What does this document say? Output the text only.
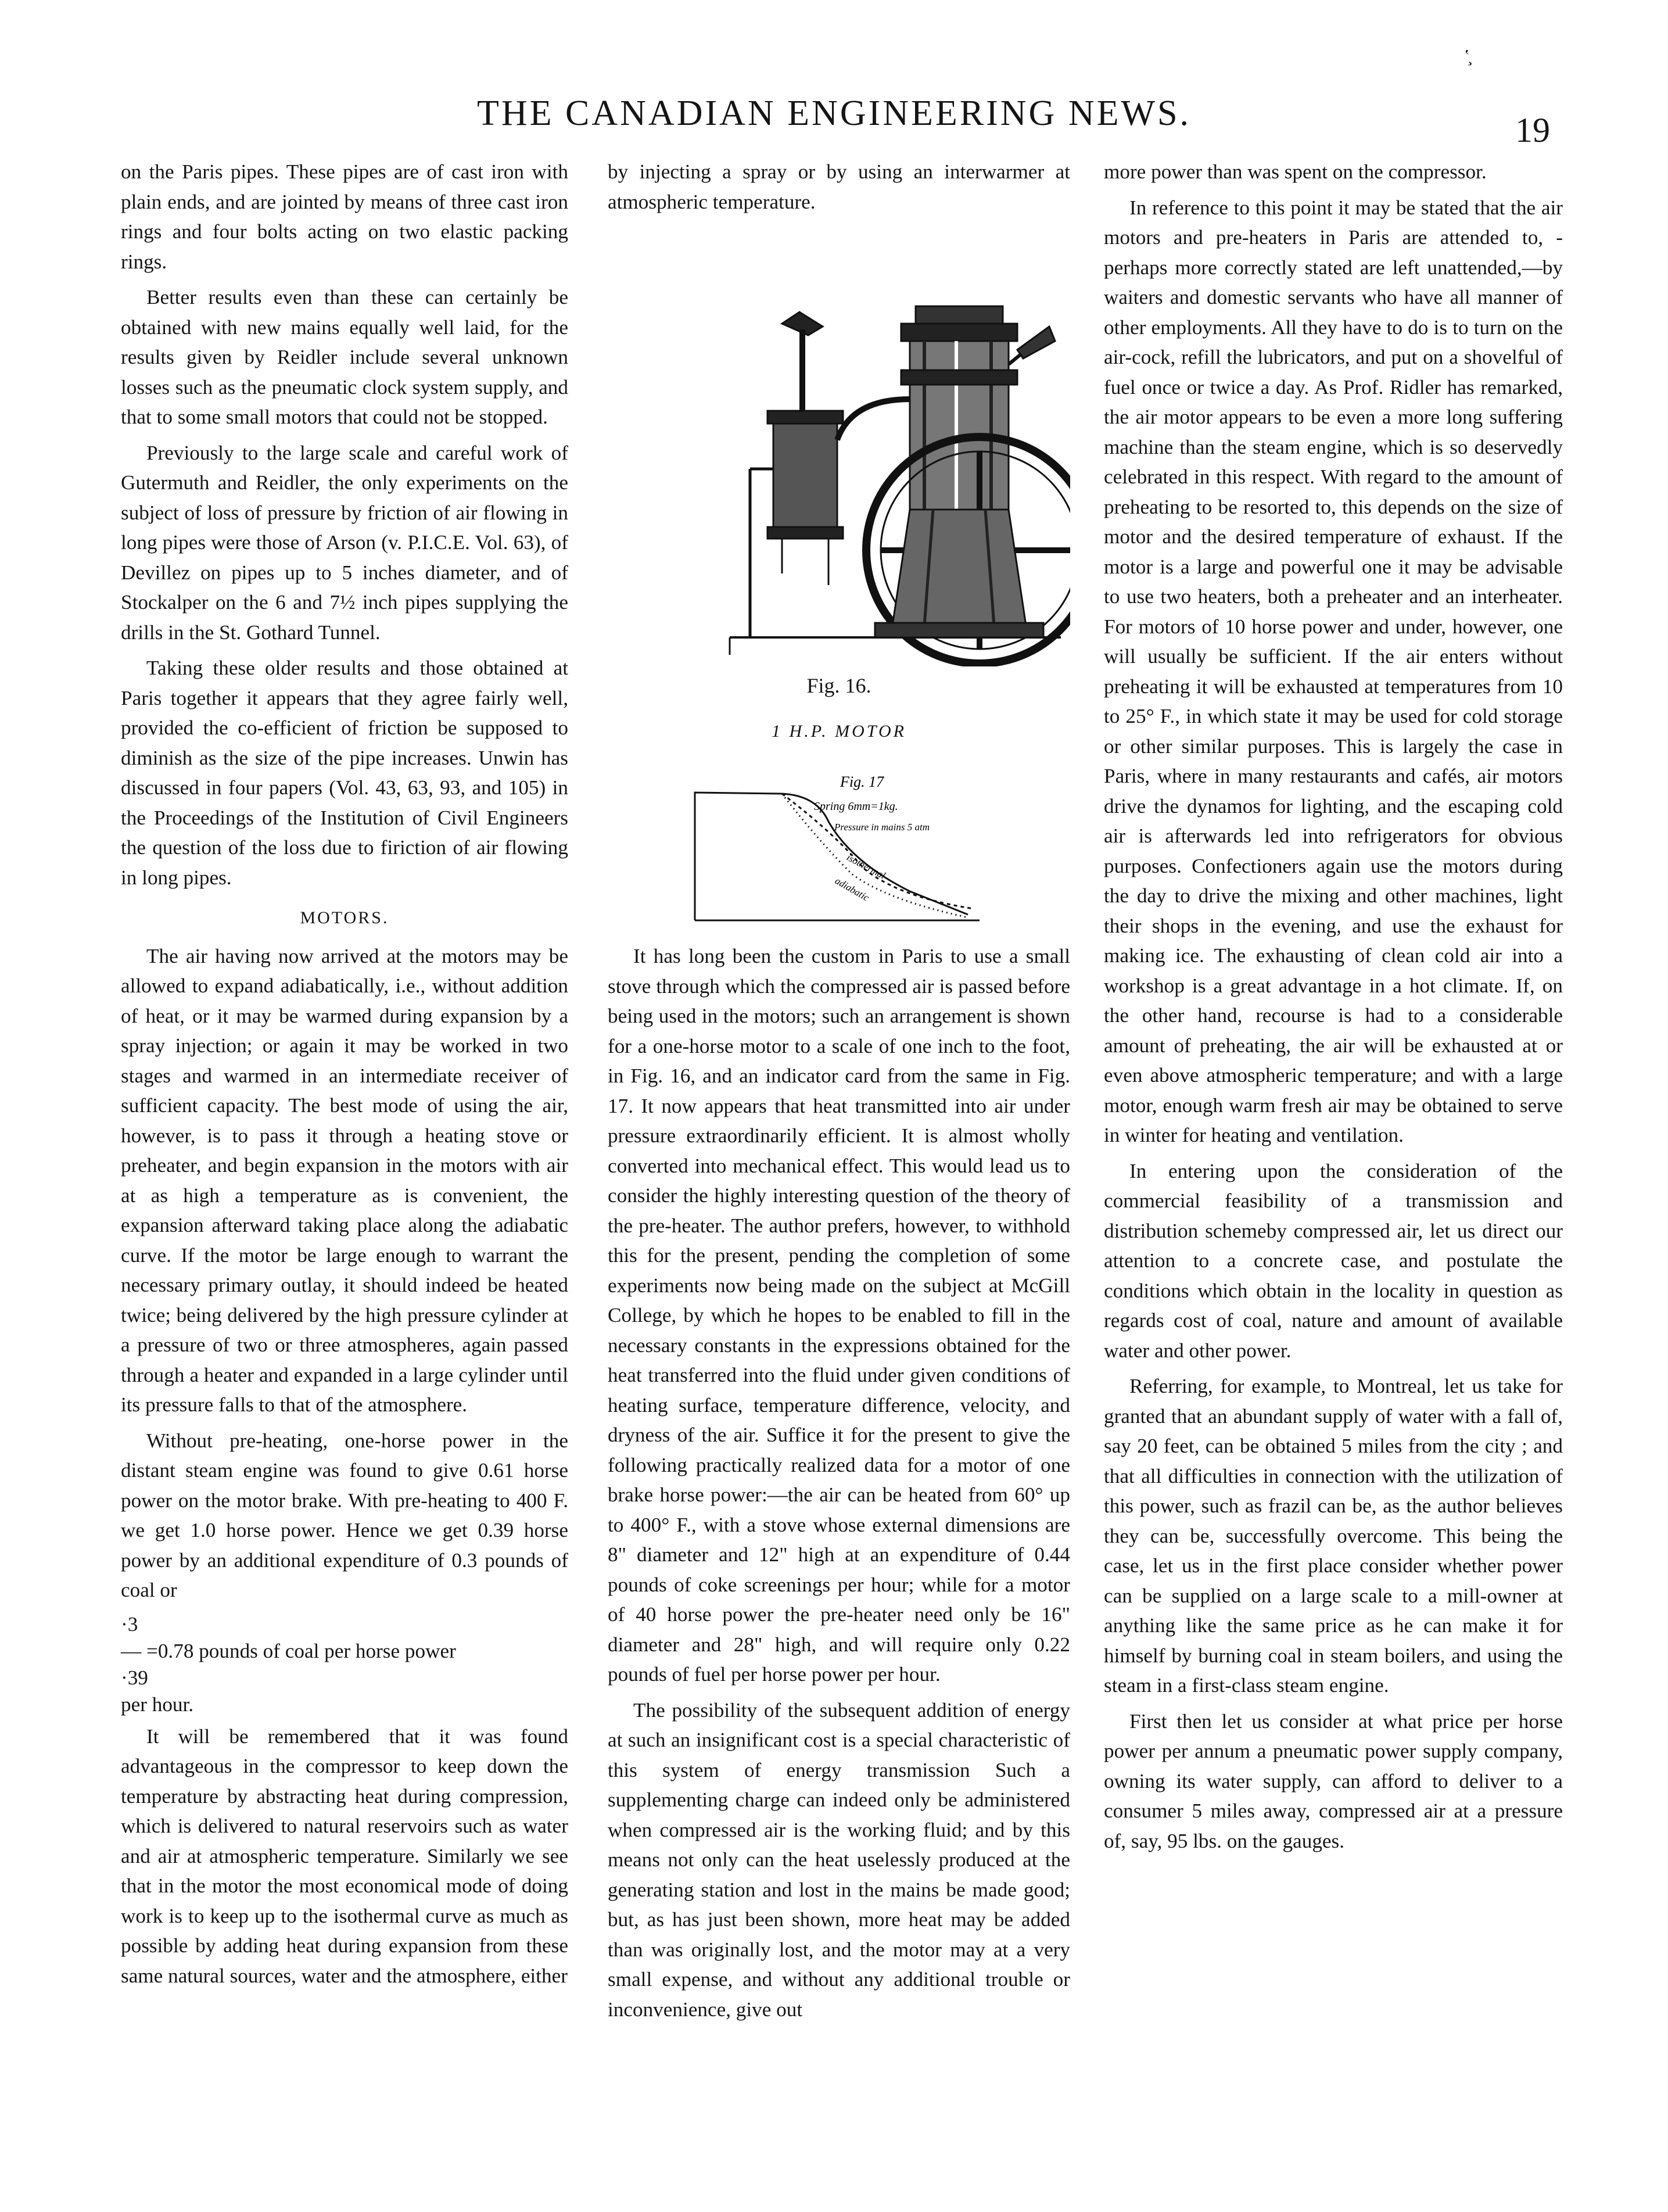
ʽ̧
THE CANADIAN ENGINEERING NEWS.	19

on the Paris pipes. These pipes are of cast iron with plain ends, and are jointed by means of three cast iron rings and four bolts acting on two elastic packing rings.

Better results even than these can certainly be obtained with new mains equally well laid, for the results given by Reidler include several unknown losses such as the pneumatic clock system supply, and that to some small motors that could not be stopped.

Previously to the large scale and careful work of Gutermuth and Reidler, the only experiments on the subject of loss of pressure by friction of air flowing in long pipes were those of Arson (v. P.I.C.E. Vol. 63), of Devillez on pipes up to 5 inches diameter, and of Stockalper on the 6 and 7½ inch pipes supplying the drills in the St. Gothard Tunnel.

Taking these older results and those obtained at Paris together it appears that they agree fairly well, provided the co-efficient of friction be supposed to diminish as the size of the pipe increases. Unwin has discussed in four papers (Vol. 43, 63, 93, and 105) in the Proceedings of the Institution of Civil Engineers the question of the loss due to firiction of air flowing in long pipes.

MOTORS.

The air having now arrived at the motors may be allowed to expand adiabatically, i.e., without addition of heat, or it may be warmed during expansion by a spray injection; or again it may be worked in two stages and warmed in an intermediate receiver of sufficient capacity. The best mode of using the air, however, is to pass it through a heating stove or preheater, and begin expansion in the motors with air at as high a temperature as is convenient, the expansion afterward taking place along the adiabatic curve. If the motor be large enough to warrant the necessary primary outlay, it should indeed be heated twice; being delivered by the high pressure cylinder at a pressure of two or three atmospheres, again passed through a heater and expanded in a large cylinder until its pressure falls to that of the atmosphere.

Without pre-heating, one-horse power in the distant steam engine was found to give 0.61 horse power on the motor brake. With pre-heating to 400 F. we get 1.0 horse power. Hence we get 0.39 horse power by an additional expenditure of 0.3 pounds of coal or

·3
— =0.78 pounds of coal per horse power
·39
per hour.

It will be remembered that it was found advantageous in the compressor to keep down the temperature by abstracting heat during compression, which is delivered to natural reservoirs such as water and air at atmospheric temperature. Similarly we see that in the motor the most economical mode of doing work is to keep up to the isothermal curve as much as possible by adding heat during expansion from these same natural sources, water and the atmosphere, either

by injecting a spray or by using an interwarmer at atmospheric temperature.

Fig. 16.
1 H.P. MOTOR
Fig. 17
Spring 6mm=1kg.
Pressure in mains 5 atm
isothermal
adiabatic

It has long been the custom in Paris to use a small stove through which the compressed air is passed before being used in the motors; such an arrangement is shown for a one-horse motor to a scale of one inch to the foot, in Fig. 16, and an indicator card from the same in Fig. 17. It now appears that heat transmitted into air under pressure extraordinarily efficient. It is almost wholly converted into mechanical effect. This would lead us to consider the highly interesting question of the theory of the pre-heater. The author prefers, however, to withhold this for the present, pending the completion of some experiments now being made on the subject at McGill College, by which he hopes to be enabled to fill in the necessary constants in the expressions obtained for the heat transferred into the fluid under given conditions of heating surface, temperature difference, velocity, and dryness of the air. Suffice it for the present to give the following practically realized data for a motor of one brake horse power:—the air can be heated from 60° up to 400° F., with a stove whose external dimensions are 8" diameter and 12" high at an expenditure of 0.44 pounds of coke screenings per hour; while for a motor of 40 horse power the pre-heater need only be 16" diameter and 28" high, and will require only 0.22 pounds of fuel per horse power per hour.

The possibility of the subsequent addition of energy at such an insignificant cost is a special characteristic of this system of energy transmission Such a supplementing charge can indeed only be administered when compressed air is the working fluid; and by this means not only can the heat uselessly produced at the generating station and lost in the mains be made good; but, as has just been shown, more heat may be added than was originally lost, and the motor may at a very small expense, and without any additional trouble or inconvenience, give out

more power than was spent on the compressor.

In reference to this point it may be stated that the air motors and pre-heaters in Paris are attended to, -perhaps more correctly stated are left unattended,—by waiters and domestic servants who have all manner of other employments. All they have to do is to turn on the air-cock, refill the lubricators, and put on a shovelful of fuel once or twice a day. As Prof. Ridler has remarked, the air motor appears to be even a more long suffering machine than the steam engine, which is so deservedly celebrated in this respect. With regard to the amount of preheating to be resorted to, this depends on the size of motor and the desired temperature of exhaust. If the motor is a large and powerful one it may be advisable to use two heaters, both a preheater and an interheater. For motors of 10 horse power and under, however, one will usually be sufficient. If the air enters without preheating it will be exhausted at temperatures from 10 to 25° F., in which state it may be used for cold storage or other similar purposes. This is largely the case in Paris, where in many restaurants and cafés, air motors drive the dynamos for lighting, and the escaping cold air is afterwards led into refrigerators for obvious purposes. Confectioners again use the motors during the day to drive the mixing and other machines, light their shops in the evening, and use the exhaust for making ice. The exhausting of clean cold air into a workshop is a great advantage in a hot climate. If, on the other hand, recourse is had to a considerable amount of preheating, the air will be exhausted at or even above atmospheric temperature; and with a large motor, enough warm fresh air may be obtained to serve in winter for heating and ventilation.

In entering upon the consideration of the commercial feasibility of a transmission and distribution schemeby compressed air, let us direct our attention to a concrete case, and postulate the conditions which obtain in the locality in question as regards cost of coal, nature and amount of available water and other power.

Referring, for example, to Montreal, let us take for granted that an abundant supply of water with a fall of, say 20 feet, can be obtained 5 miles from the city ; and that all difficulties in connection with the utilization of this power, such as frazil can be, as the author believes they can be, successfully overcome. This being the case, let us in the first place consider whether power can be supplied on a large scale to a mill-owner at anything like the same price as he can make it for himself by burning coal in steam boilers, and using the steam in a first-class steam engine.

First then let us consider at what price per horse power per annum a pneumatic power supply company, owning its water supply, can afford to deliver to a consumer 5 miles away, compressed air at a pressure of, say, 95 lbs. on the gauges.
